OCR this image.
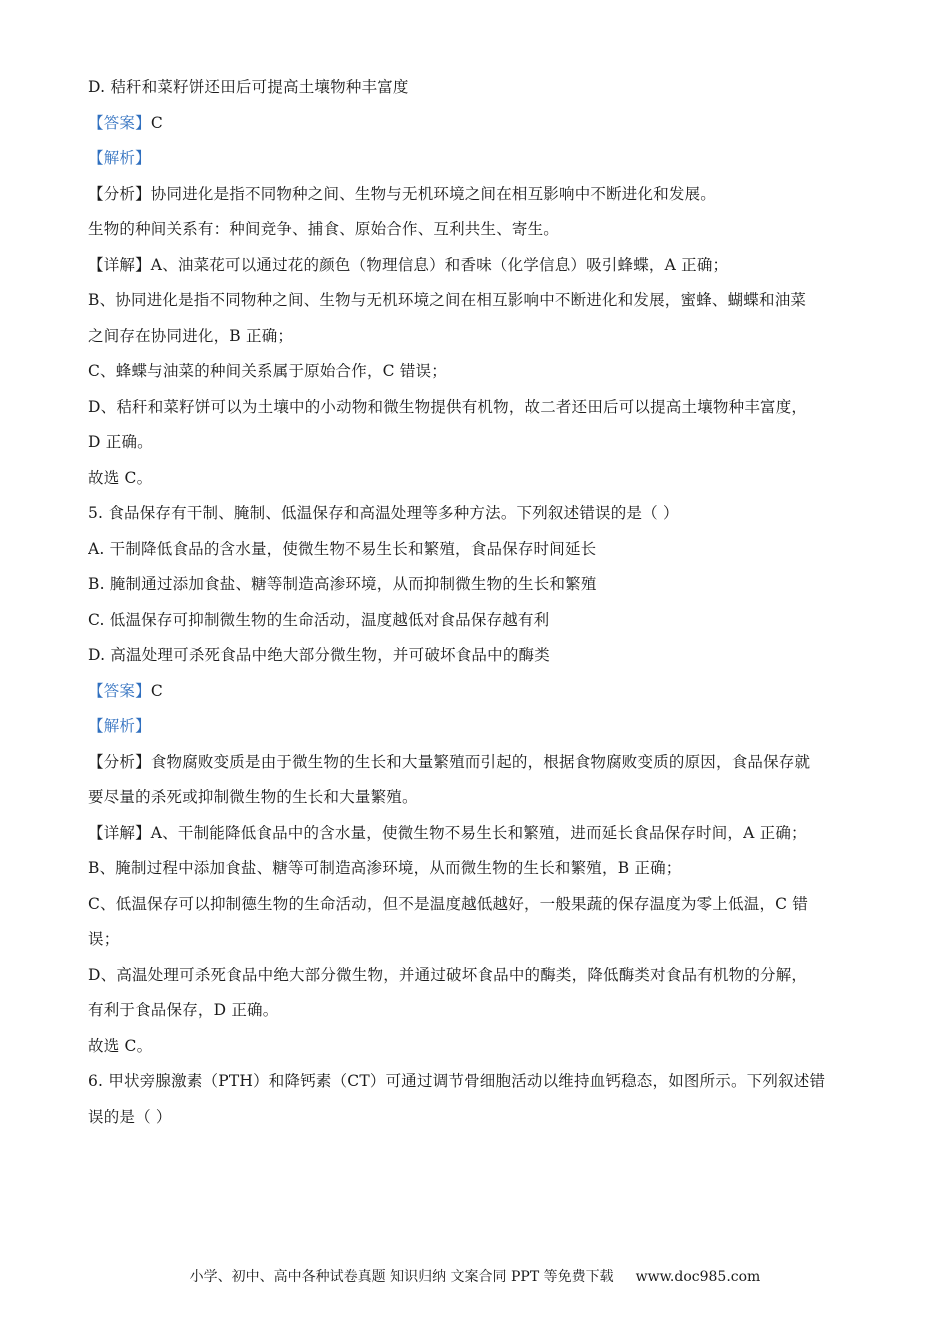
D. 秸秆和菜籽饼还田后可提高土壤物种丰富度
【答案】C
【解析】
【分析】协同进化是指不同物种之间、生物与无机环境之间在相互影响中不断进化和发展。
生物的种间关系有：种间竞争、捕食、原始合作、互利共生、寄生。
【详解】A、油菜花可以通过花的颜色（物理信息）和香味（化学信息）吸引蜂蝶，A 正确；
B、协同进化是指不同物种之间、生物与无机环境之间在相互影响中不断进化和发展，蜜蜂、蝴蝶和油菜
之间存在协同进化，B 正确；
C、蜂蝶与油菜的种间关系属于原始合作，C 错误；
D、秸秆和菜籽饼可以为土壤中的小动物和微生物提供有机物，故二者还田后可以提高土壤物种丰富度，
D 正确。
故选 C。
5. 食品保存有干制、腌制、低温保存和高温处理等多种方法。下列叙述错误的是（ ）
A. 干制降低食品的含水量，使微生物不易生长和繁殖，食品保存时间延长
B. 腌制通过添加食盐、糖等制造高渗环境，从而抑制微生物的生长和繁殖
C. 低温保存可抑制微生物的生命活动，温度越低对食品保存越有利
D. 高温处理可杀死食品中绝大部分微生物，并可破坏食品中的酶类
【答案】C
【解析】
【分析】食物腐败变质是由于微生物的生长和大量繁殖而引起的，根据食物腐败变质的原因，食品保存就
要尽量的杀死或抑制微生物的生长和大量繁殖。
【详解】A、干制能降低食品中的含水量，使微生物不易生长和繁殖，进而延长食品保存时间，A 正确；
B、腌制过程中添加食盐、糖等可制造高渗环境，从而微生物的生长和繁殖，B 正确；
C、低温保存可以抑制德生物的生命活动，但不是温度越低越好，一般果蔬的保存温度为零上低温，C 错
误；
D、高温处理可杀死食品中绝大部分微生物，并通过破坏食品中的酶类，降低酶类对食品有机物的分解，
有利于食品保存，D 正确。
故选 C。
6. 甲状旁腺激素（PTH）和降钙素（CT）可通过调节骨细胞活动以维持血钙稳态，如图所示。下列叙述错
误的是（ ）
小学、初中、高中各种试卷真题 知识归纳 文案合同 PPT 等免费下载 www.doc985.com
